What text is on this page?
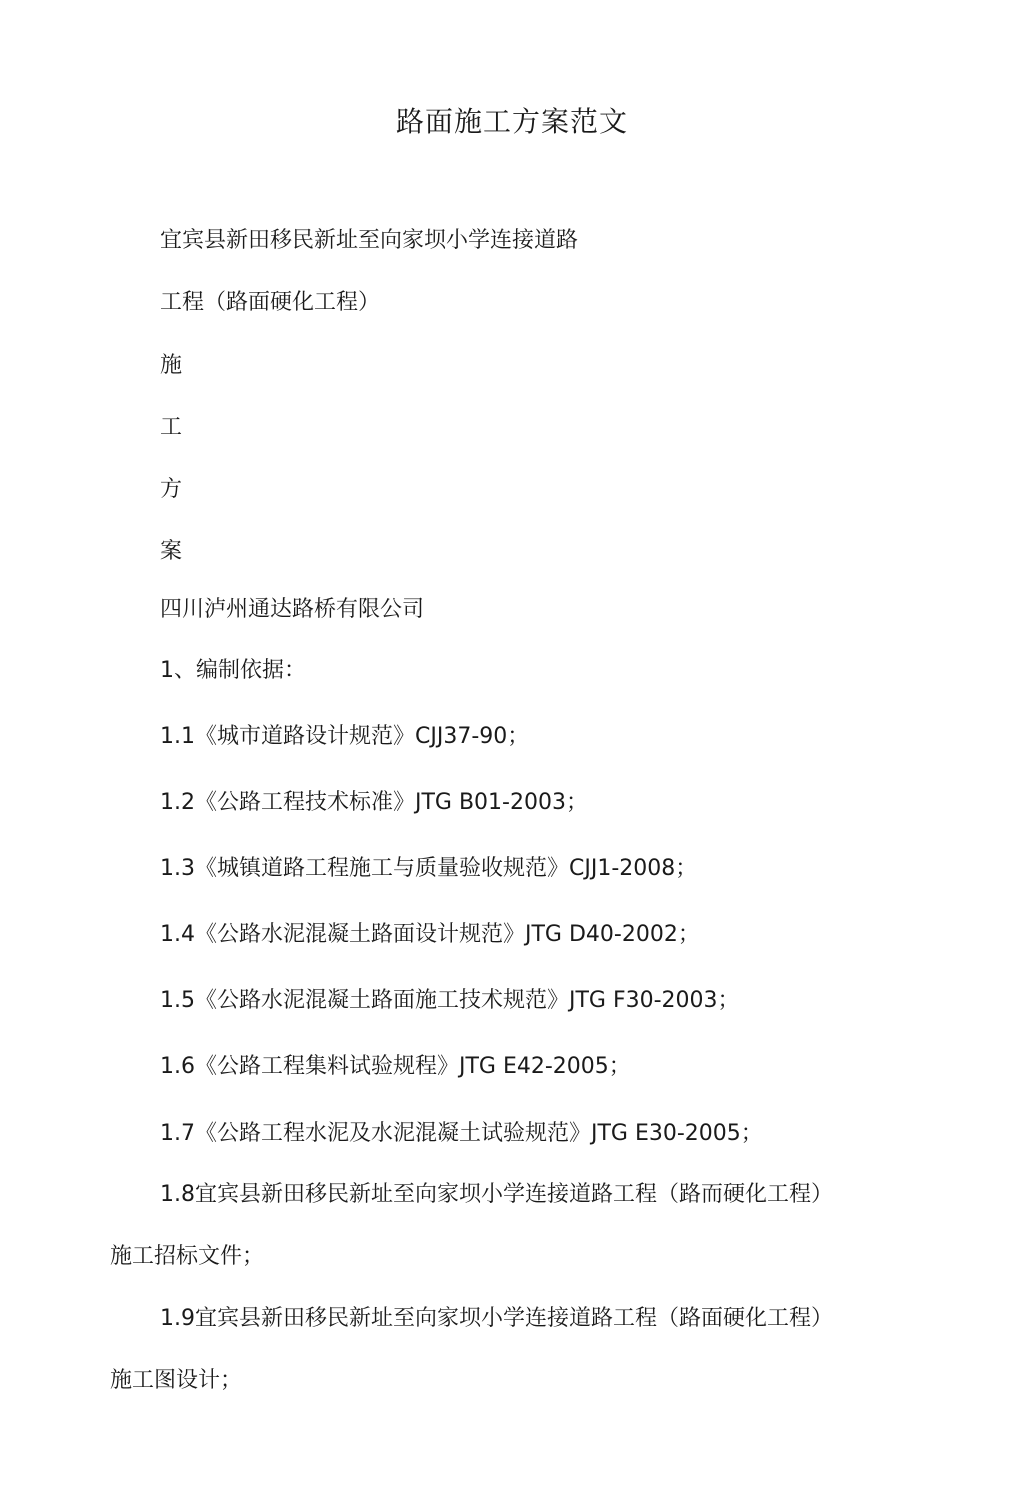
路面施工方案范文
宜宾县新田移民新址至向家坝小学连接道路
工程（路面硬化工程）
施
工
方
案
四川泸州通达路桥有限公司
1、编制依据：
1.1《城市道路设计规范》CJJ37-90；
1.2《公路工程技术标准》JTG B01-2003；
1.3《城镇道路工程施工与质量验收规范》CJJ1-2008；
1.4《公路水泥混凝土路面设计规范》JTG D40-2002；
1.5《公路水泥混凝土路面施工技术规范》JTG F30-2003；
1.6《公路工程集料试验规程》JTG E42-2005；
1.7《公路工程水泥及水泥混凝土试验规范》JTG E30-2005；
1.8宜宾县新田移民新址至向家坝小学连接道路工程（路而硬化工程）
施工招标文件；
1.9宜宾县新田移民新址至向家坝小学连接道路工程（路面硬化工程）
施工图设计；
